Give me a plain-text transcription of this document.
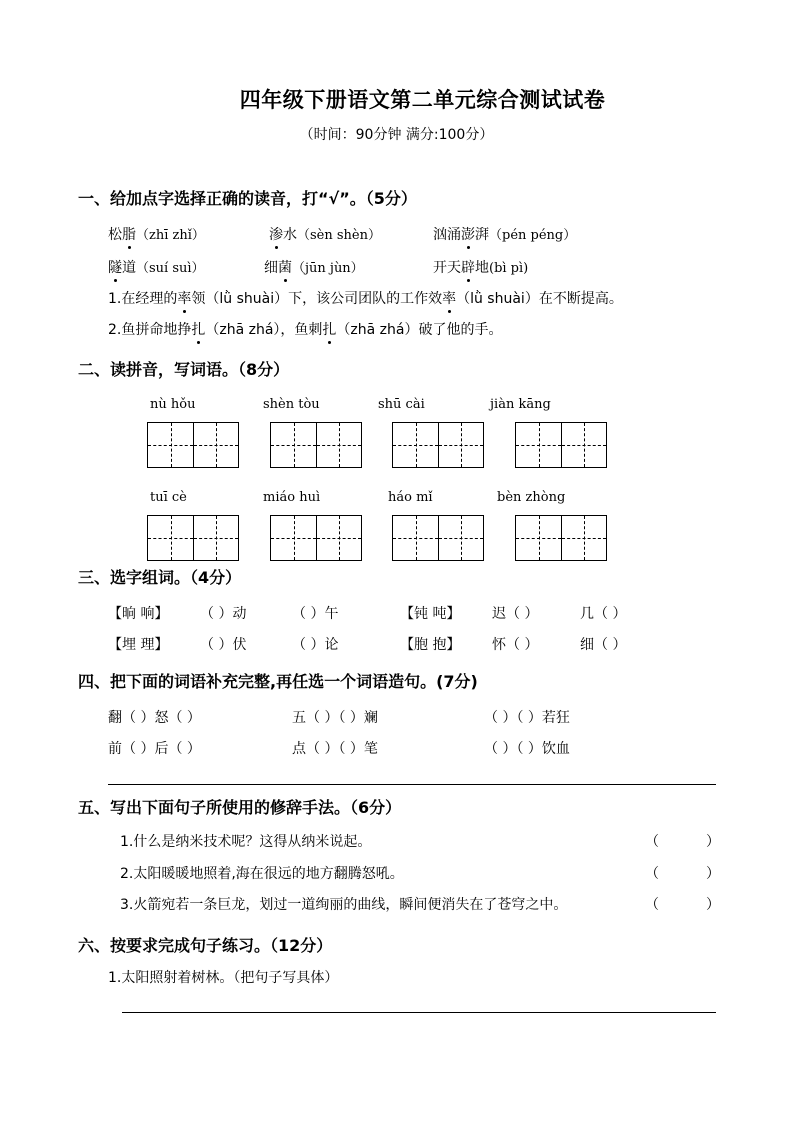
四年级下册语文第二单元综合测试试卷
（时间：90分钟 满分:100分）
一、给加点字选择正确的读音，打“√”。（5分）
松脂（zhī zhǐ）	渗水（sèn shèn）	汹涌澎湃（pén péng）
隧道（suí suì）	细菌（jūn jùn）	开天辟地(bì pì)
1.在经理的率领（lǜ shuài）下，该公司团队的工作效率（lǜ shuài）在不断提高。
2.鱼拼命地挣扎（zhā zhá），鱼刺扎（zhā zhá）破了他的手。
二、读拼音，写词语。（8分）
nù hǒu	shèn tòu	shū cài	jiàn kāng
tuī cè	miáo huì	háo mǐ	bèn zhòng
三、选字组词。（4分）
【晌 响】 （ ）动	（ ）午	【钝 吨】 迟（ ）	几（ ）
【埋 理】 （ ）伏	（ ）论	【胞 抱】 怀（ ）	细（ ）
四、把下面的词语补充完整,再任选一个词语造句。(7分)
翻（ ）怒（ ）	五（ ）（ ）斓	（ ）（ ）若狂
前（ ）后（ ）	点（ ）（ ）笔	（ ）（ ）饮血
五、写出下面句子所使用的修辞手法。（6分）
1.什么是纳米技术呢？这得从纳米说起。	（	）
2.太阳暖暖地照着,海在很远的地方翻腾怒吼。	（	）
3.火箭宛若一条巨龙，划过一道绚丽的曲线，瞬间便消失在了苍穹之中。	（	）
六、按要求完成句子练习。（12分）
1.太阳照射着树林。（把句子写具体）
